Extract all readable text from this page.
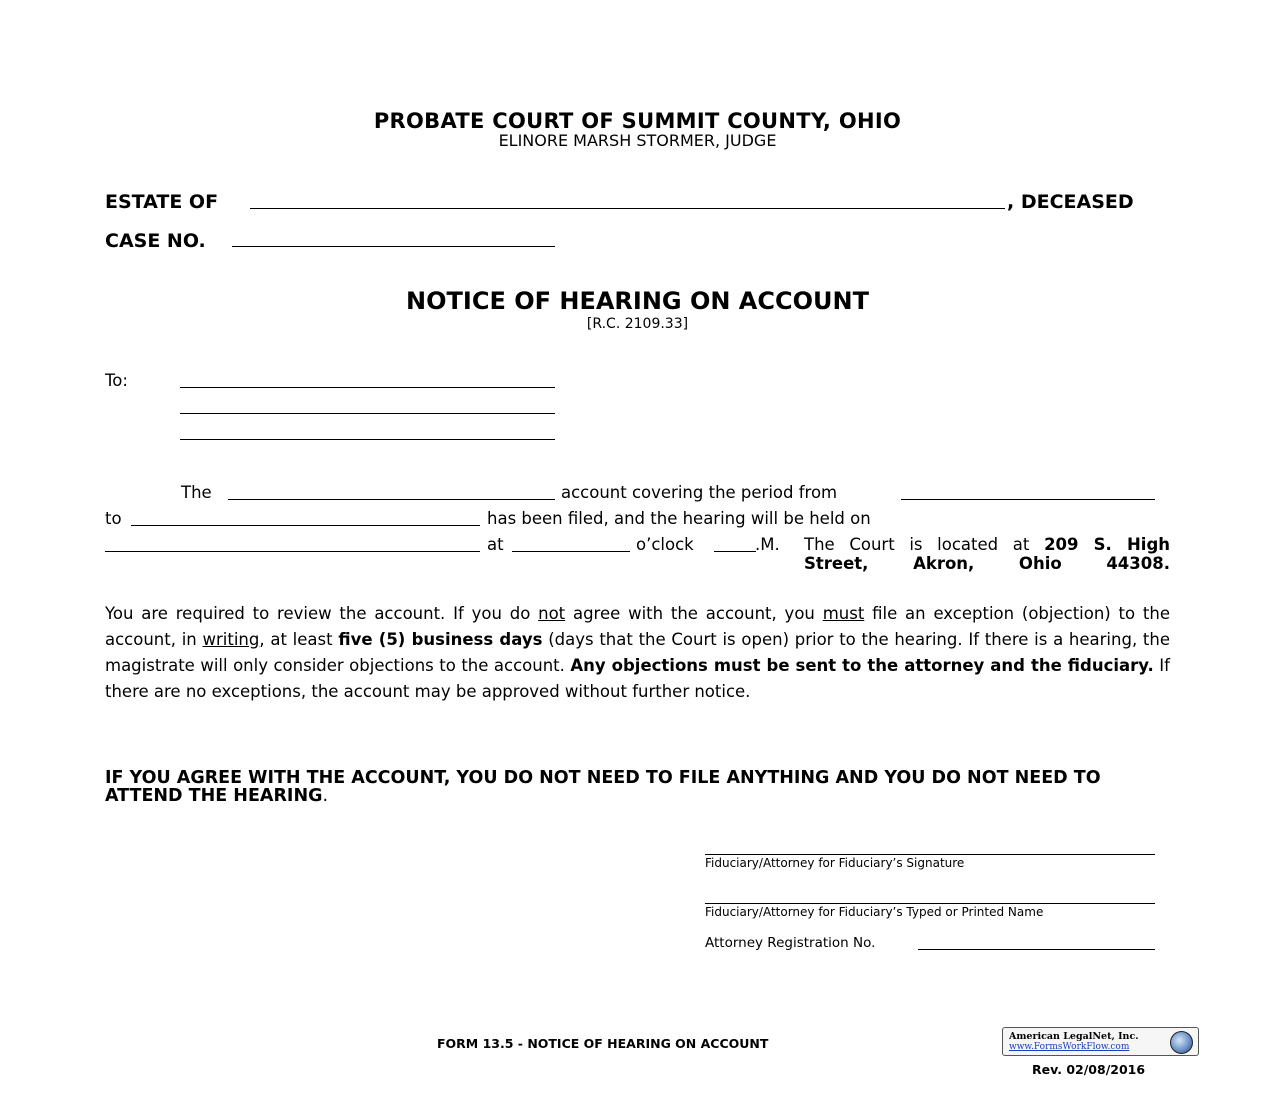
PROBATE COURT OF SUMMIT COUNTY, OHIO
ELINORE MARSH STORMER, JUDGE
ESTATE OF	, DECEASED
CASE NO.
NOTICE OF HEARING ON ACCOUNT
[R.C. 2109.33]
To:
The	account covering the period from
to	has been filed, and the hearing will be held on
at	o’clock	.M. The Court is located at 209 S. High Street, Akron, Ohio 44308.
You are required to review the account. If you do not agree with the account, you must file an exception (objection) to the account, in writing, at least five (5) business days (days that the Court is open) prior to the hearing. If there is a hearing, the magistrate will only consider objections to the account. Any objections must be sent to the attorney and the fiduciary. If there are no exceptions, the account may be approved without further notice.
IF YOU AGREE WITH THE ACCOUNT, YOU DO NOT NEED TO FILE ANYTHING AND YOU DO NOT NEED TO ATTEND THE HEARING.
Fiduciary/Attorney for Fiduciary’s Signature
Fiduciary/Attorney for Fiduciary’s Typed or Printed Name
Attorney Registration No.
FORM 13.5 - NOTICE OF HEARING ON ACCOUNT	American LegalNet, Inc.
www.FormsWorkFlow.com
Rev. 02/08/2016
